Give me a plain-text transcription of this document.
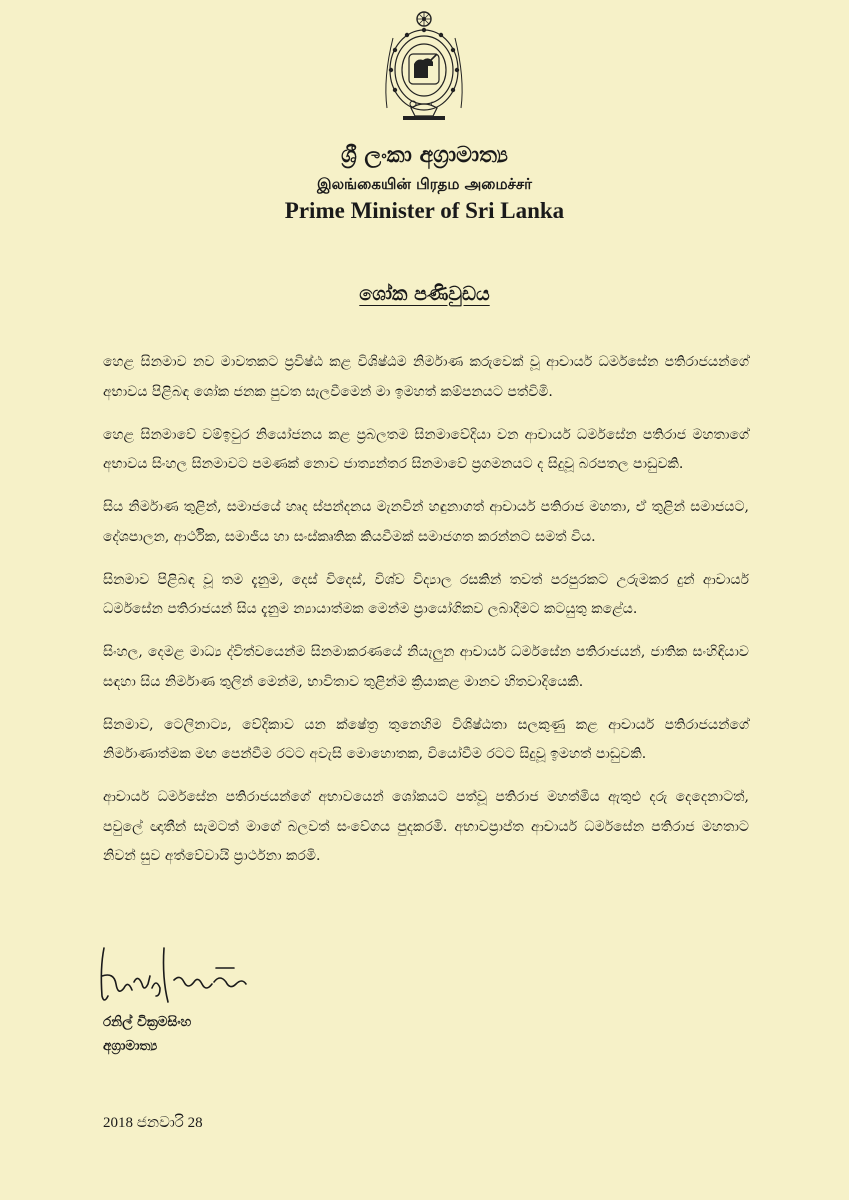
ශ්‍රී ලංකා අග්‍රාමාත්‍ය
இலங்கையின் பிரதம அமைச்சர்
Prime Minister of Sri Lanka
ශෝක පණිවුඩය

හෙළ සිනමාව නව මාවතකට ප්‍රවිෂ්ඨ කළ විශිෂ්ඨම නිර්මාණ කරුවෙක් වූ ආචාර්ය ධර්මසේන පතිරාජයන්ගේ අභාවය පිළිබඳ ශෝක ජනක පුවත සැලවීමෙන් මා ඉමහත් කම්පනයට පත්විමි.

හෙළ සිනමාවේ වම්ඉවුර නියෝජනය කළ ප්‍රබලතම සිනමාවේදියා වන ආචාර්ය ධර්මසේන පතිරාජ මහතාගේ අභාවය සිංහල සිනමාවට පමණක් නොව ජාත්‍යන්තර සිනමාවේ ප්‍රගමනයට ද සිදුවූ බරපතල පාඩුවකි.

සිය නිර්මාණ තුළින්, සමාජයේ හෘද ස්පන්දනය මැනවින් හඳුනාගත් ආචාර්ය පතිරාජ මහතා, ඒ තුළින් සමාජයට, දේශපාලන, ආර්ථික, සමාජීය හා සංස්කෘතික කියවීමක් සමාජගත කරන්නට සමත් විය.

සිනමාව පිළිබඳ වූ තම දැනුම, දෙස් විදෙස්, විශ්ව විද්‍යාල රසකින් තවත් පරපුරකට උරුමකර දුන් ආචාර්ය ධර්මසේන පතිරාජයන් සිය දැනුම න්‍යායාත්මක මෙන්ම ප්‍රායෝගිකව ලබාදීමට කටයුතු කළේය.

සිංහල, දෙමළ මාධ්‍ය ද්විත්වයෙන්ම සිනමාකරණයේ නියැලුන ආචාර්ය ධර්මසේන පතිරාජයන්, ජාතික සංහිඳියාව සඳහා සිය නිර්මාණ තුලින් මෙන්ම, භාවිතාව තුළින්ම ක්‍රියාකළ මානව හිතවාදියෙකි.

සිනමාව, ටෙලිනාට්‍ය, වේදිකාව යන ක්ෂේත්‍ර තුනෙහිම විශිෂ්ඨතා සලකුණු කළ ආචාර්ය පතිරාජයන්ගේ නිර්මාණාත්මක මඟ පෙන්වීම රටට අවැසි මොහොතක, වියෝවීම රටට සිදුවූ ඉමහත් පාඩුවකි.

ආචාර්ය ධර්මසේන පතිරාජයන්ගේ අභාවයෙන් ශෝකයට පත්වූ පතිරාජ මහත්මිය ඇතුළු දරු දෙදෙනාටත්, පවුලේ ඥාතීන් සැමටත් මාගේ බලවත් සංවේගය පුදකරමි. අභාවප්‍රාප්ත ආචාර්ය ධර්මසේන පතිරාජ මහතාට නිවන් සුව අත්වේවායි ප්‍රාර්ථනා කරමි.

රනිල් වික්‍රමසිංහ
අග්‍රාමාත්‍ය
2018 ජනවාරි 28
